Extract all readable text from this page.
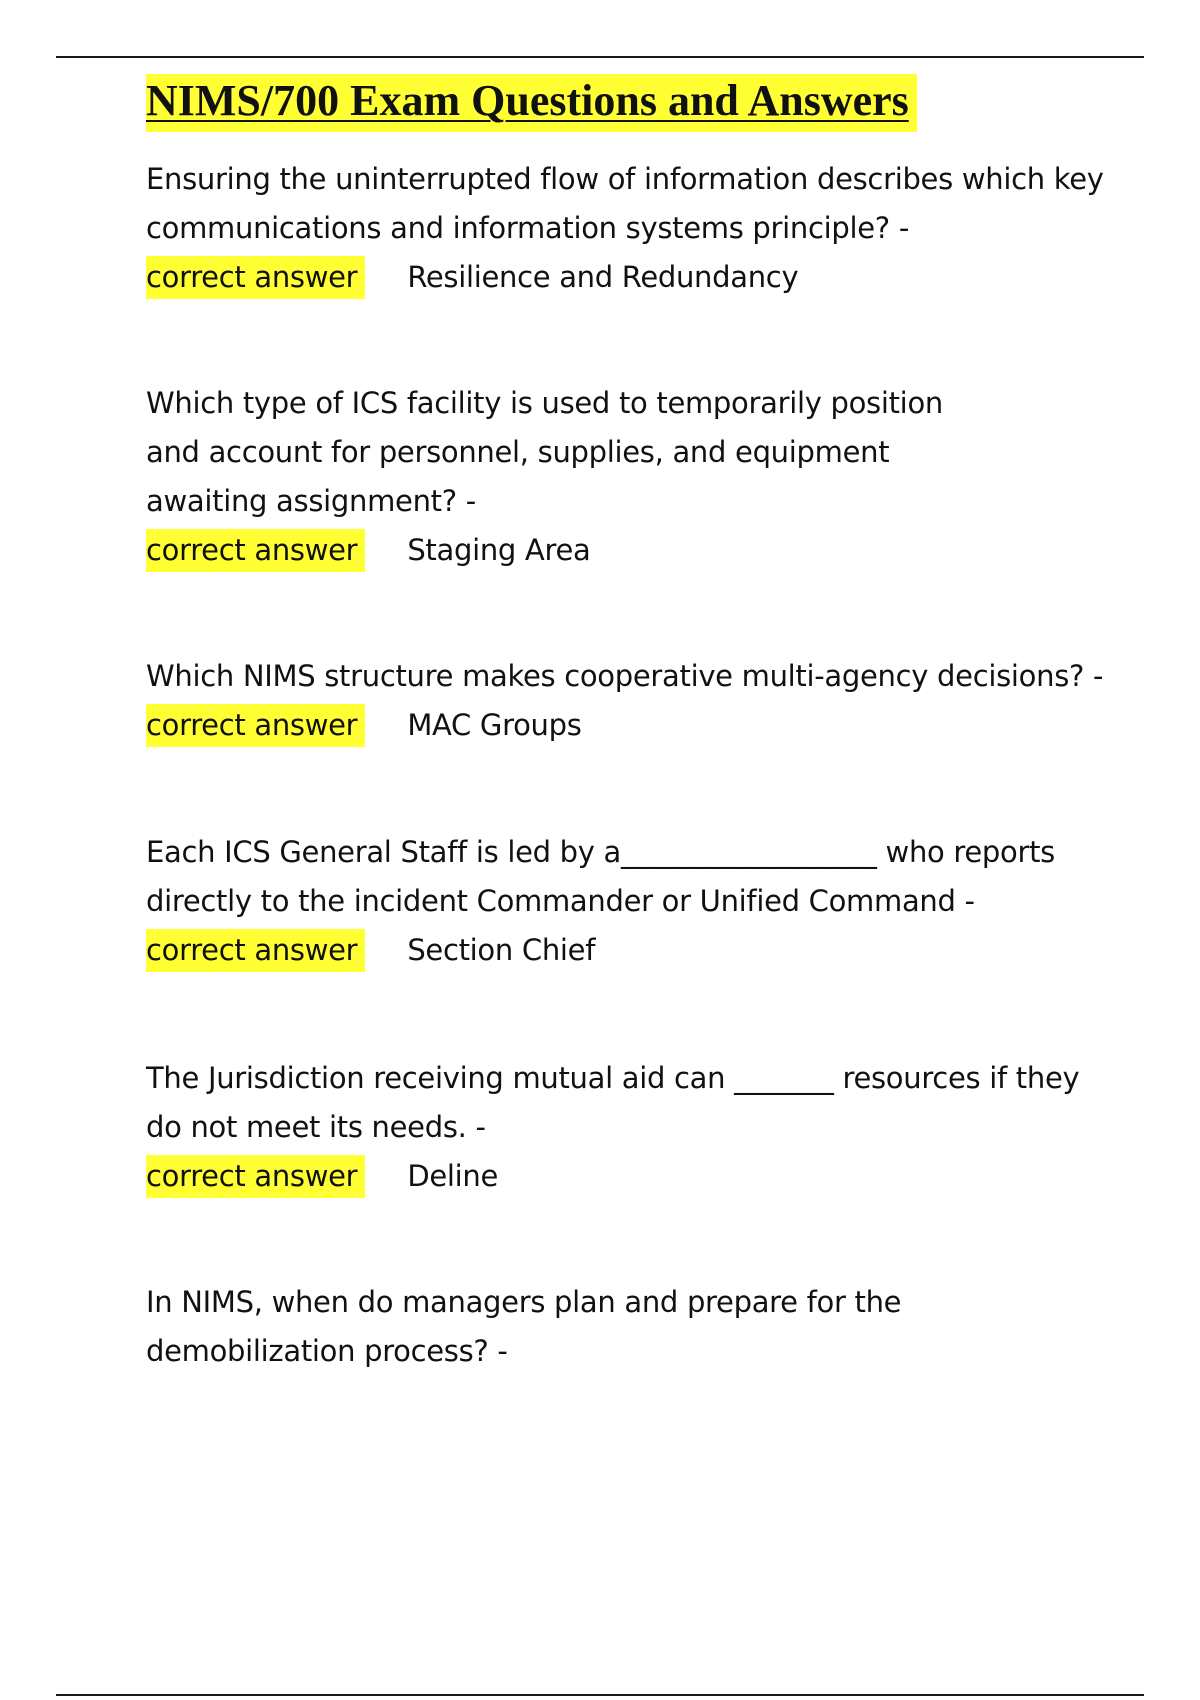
NIMS/700 Exam Questions and Answers

Ensuring the uninterrupted flow of information describes which key communications and information systems principle? -

correct answer Resilience and Redundancy

Which type of ICS facility is used to temporarily position and account for personnel, supplies, and equipment awaiting assignment? -

correct answer Staging Area

Which NIMS structure makes cooperative multi-agency decisions? -

correct answer MAC Groups

Each ICS General Staff is led by a__________________ who reports directly to the incident Commander or Unified Command -

correct answer Section Chief

The Jurisdiction receiving mutual aid can _______ resources if they do not meet its needs. -

correct answer Deline

In NIMS, when do managers plan and prepare for the demobilization process? -
